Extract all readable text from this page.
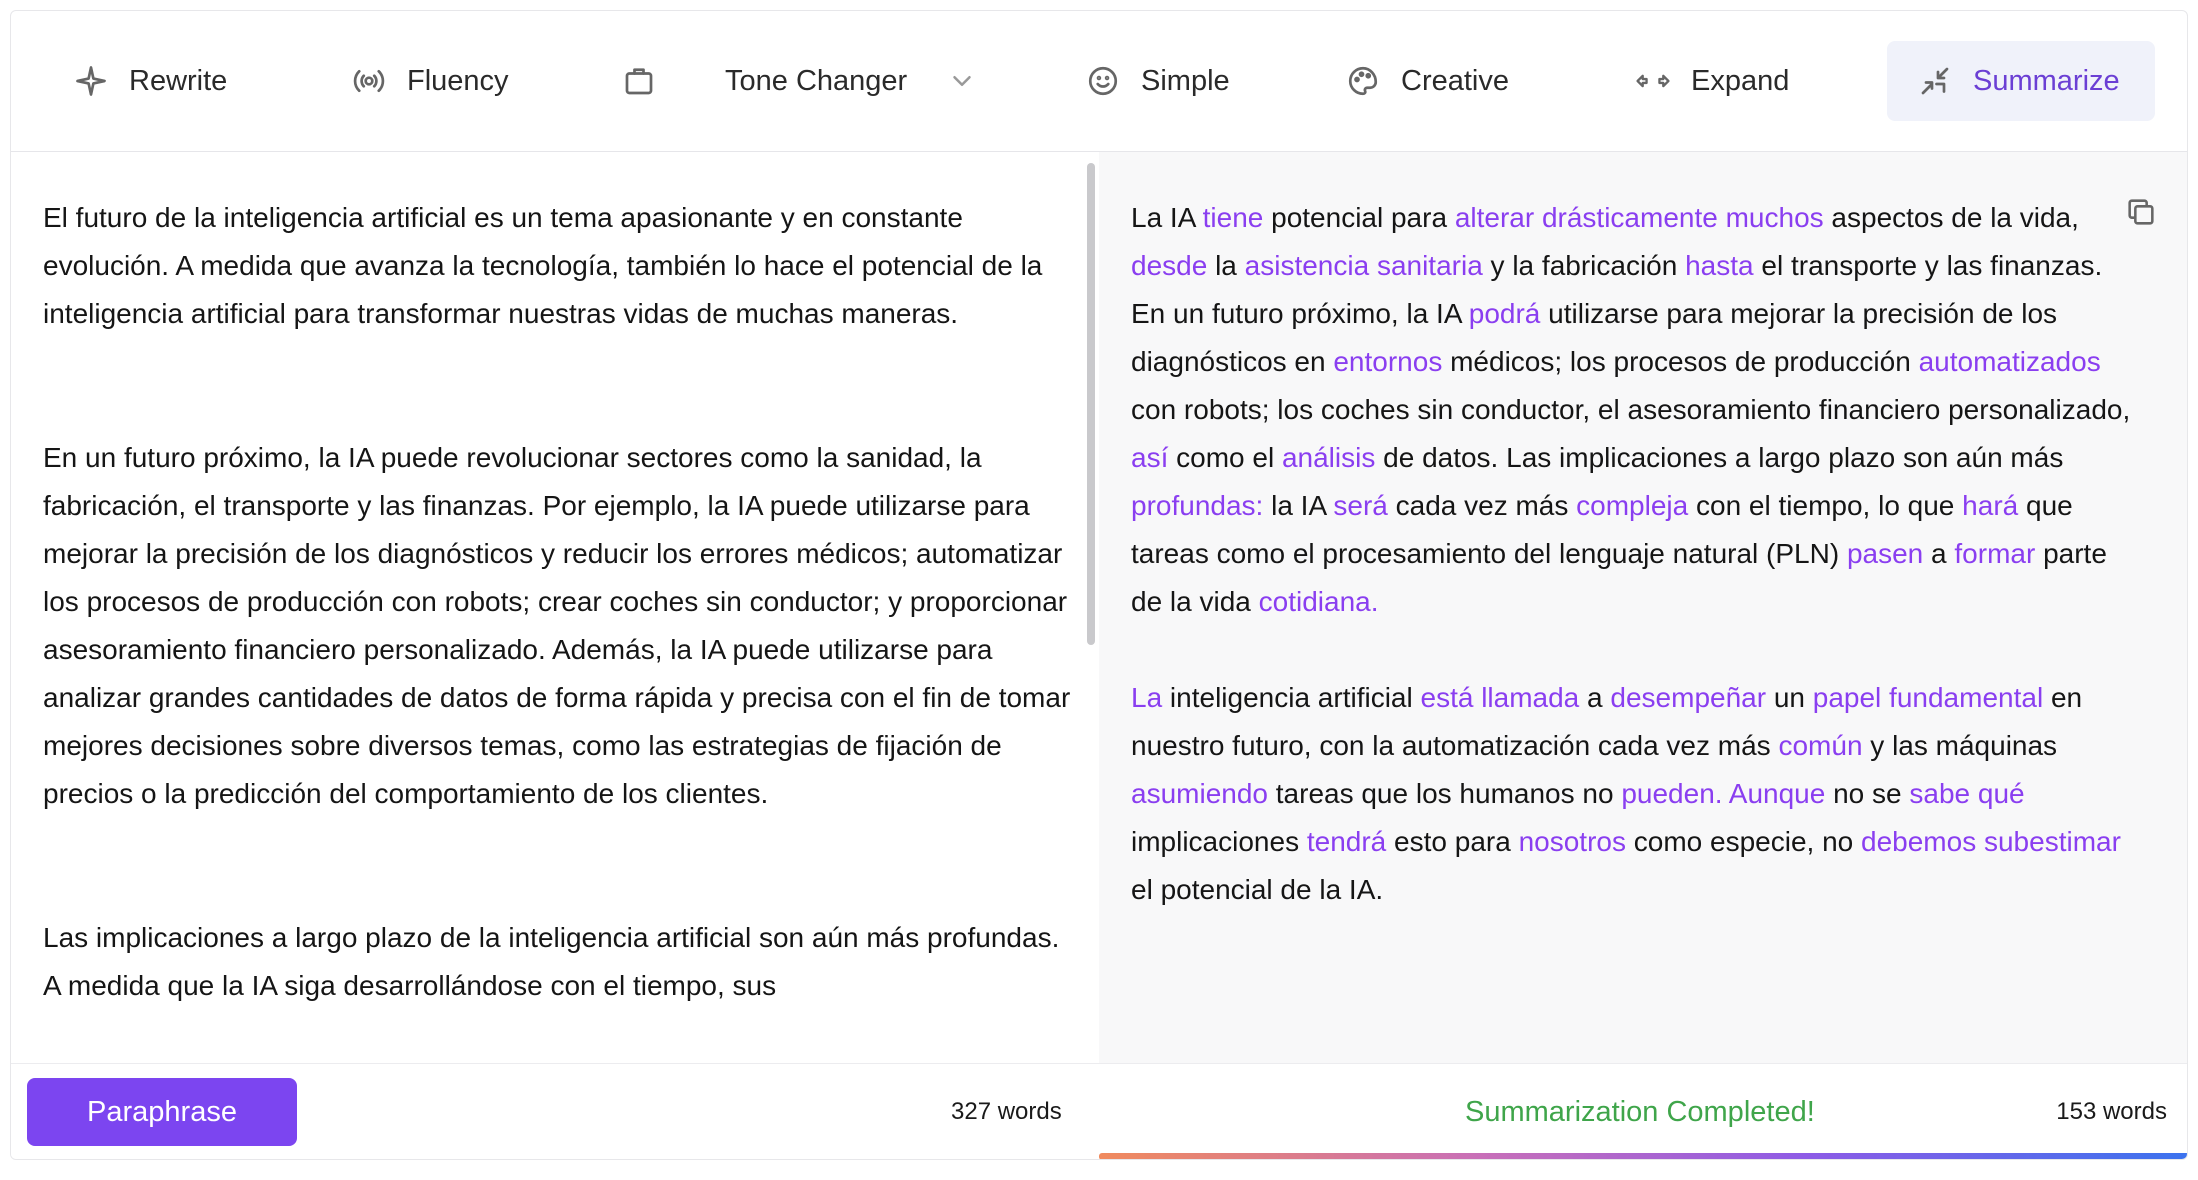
Rewrite	Fluency	Tone Changer	Simple	Creative	Expand	Summarize

El futuro de la inteligencia artificial es un tema apasionante y en constante evolución. A medida que avanza la tecnología, también lo hace el potencial de la inteligencia artificial para transformar nuestras vidas de muchas maneras.

En un futuro próximo, la IA puede revolucionar sectores como la sanidad, la fabricación, el transporte y las finanzas. Por ejemplo, la IA puede utilizarse para mejorar la precisión de los diagnósticos y reducir los errores médicos; automatizar los procesos de producción con robots; crear coches sin conductor; y proporcionar asesoramiento financiero personalizado. Además, la IA puede utilizarse para analizar grandes cantidades de datos de forma rápida y precisa con el fin de tomar mejores decisiones sobre diversos temas, como las estrategias de fijación de precios o la predicción del comportamiento de los clientes.

Las implicaciones a largo plazo de la inteligencia artificial son aún más profundas. A medida que la IA siga desarrollándose con el tiempo, sus

La IA tiene potencial para alterar drásticamente muchos aspectos de la vida, desde la asistencia sanitaria y la fabricación hasta el transporte y las finanzas. En un futuro próximo, la IA podrá utilizarse para mejorar la precisión de los diagnósticos en entornos médicos; los procesos de producción automatizados con robots; los coches sin conductor, el asesoramiento financiero personalizado, así como el análisis de datos. Las implicaciones a largo plazo son aún más profundas: la IA será cada vez más compleja con el tiempo, lo que hará que tareas como el procesamiento del lenguaje natural (PLN) pasen a formar parte de la vida cotidiana.

La inteligencia artificial está llamada a desempeñar un papel fundamental en nuestro futuro, con la automatización cada vez más común y las máquinas asumiendo tareas que los humanos no pueden. Aunque no se sabe qué implicaciones tendrá esto para nosotros como especie, no debemos subestimar el potencial de la IA.

Paraphrase	327 words	Summarization Completed!	153 words
